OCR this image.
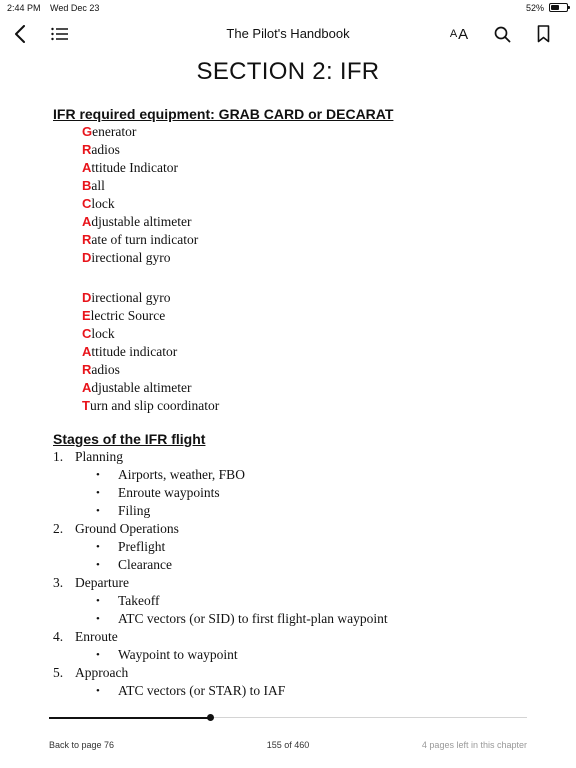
2:44 PM Wed Dec 23	52%
The Pilot's Handbook	A A
SECTION 2: IFR
IFR required equipment: GRAB CARD or DECARAT
Generator
Radios
Attitude Indicator
Ball
Clock
Adjustable altimeter
Rate of turn indicator
Directional gyro
Directional gyro
Electric Source
Clock
Attitude indicator
Radios
Adjustable altimeter
Turn and slip coordinator
Stages of the IFR flight
1. Planning
• Airports, weather, FBO
• Enroute waypoints
• Filing
2. Ground Operations
• Preflight
• Clearance
3. Departure
• Takeoff
• ATC vectors (or SID) to first flight-plan waypoint
4. Enroute
• Waypoint to waypoint
5. Approach
• ATC vectors (or STAR) to IAF
Back to page 76	155 of 460	4 pages left in this chapter
